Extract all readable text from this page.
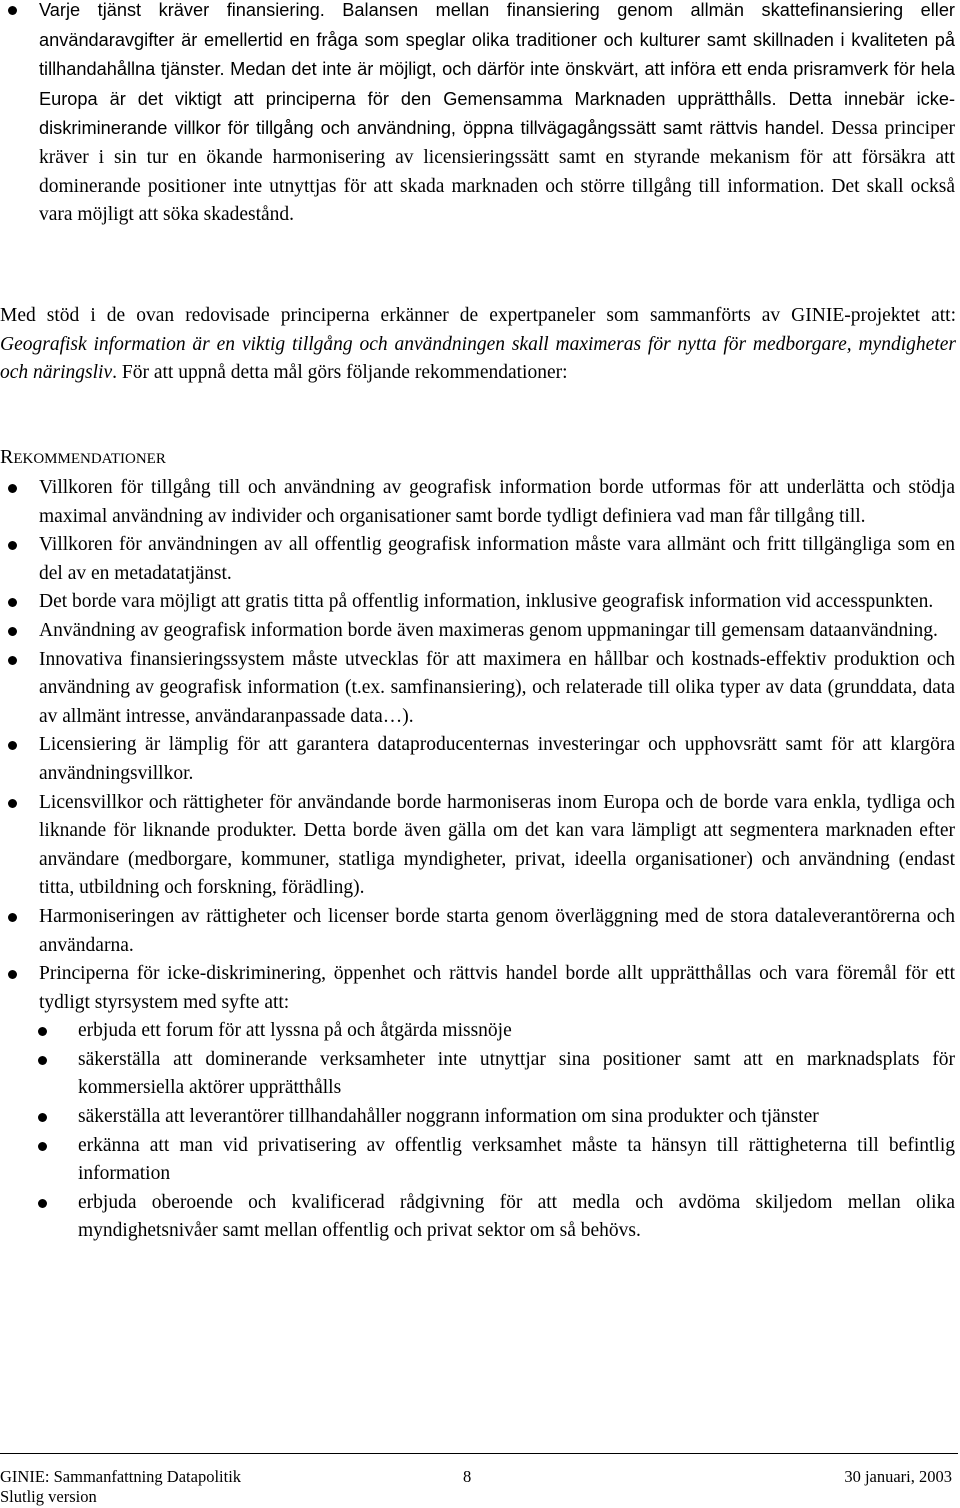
Varje tjänst kräver finansiering. Balansen mellan finansiering genom allmän skattefinansiering eller användaravgifter är emellertid en fråga som speglar olika traditioner och kulturer samt skillnaden i kvaliteten på tillhandahållna tjänster. Medan det inte är möjligt, och därför inte önskvärt, att införa ett enda prisramverk för hela Europa är det viktigt att principerna för den Gemensamma Marknaden upprätthålls. Detta innebär icke-diskriminerande villkor för tillgång och användning, öppna tillvägagångssätt samt rättvis handel. Dessa principer kräver i sin tur en ökande harmonisering av licensieringssätt samt en styrande mekanism för att försäkra att dominerande positioner inte utnyttjas för att skada marknaden och större tillgång till information. Det skall också vara möjligt att söka skadestånd.

Med stöd i de ovan redovisade principerna erkänner de expertpaneler som sammanförts av GINIE-projektet att: Geografisk information är en viktig tillgång och användningen skall maximeras för nytta för medborgare, myndigheter och näringsliv. För att uppnå detta mål görs följande rekommendationer:

REKOMMENDATIONER

Villkoren för tillgång till och användning av geografisk information borde utformas för att underlätta och stödja maximal användning av individer och organisationer samt borde tydligt definiera vad man får tillgång till.
Villkoren för användningen av all offentlig geografisk information måste vara allmänt och fritt tillgängliga som en del av en metadatatjänst.
Det borde vara möjligt att gratis titta på offentlig information, inklusive geografisk information vid accesspunkten.
Användning av geografisk information borde även maximeras genom uppmaningar till gemensam dataanvändning.
Innovativa finansieringssystem måste utvecklas för att maximera en hållbar och kostnads-effektiv produktion och användning av geografisk information (t.ex. samfinansiering), och relaterade till olika typer av data (grunddata, data av allmänt intresse, användaranpassade data…).
Licensiering är lämplig för att garantera dataproducenternas investeringar och upphovsrätt samt för att klargöra användningsvillkor.
Licensvillkor och rättigheter för användande borde harmoniseras inom Europa och de borde vara enkla, tydliga och liknande för liknande produkter. Detta borde även gälla om det kan vara lämpligt att segmentera marknaden efter användare (medborgare, kommuner, statliga myndigheter, privat, ideella organisationer) och användning (endast titta, utbildning och forskning, förädling).
Harmoniseringen av rättigheter och licenser borde starta genom överläggning med de stora dataleverantörerna och användarna.
Principerna för icke-diskriminering, öppenhet och rättvis handel borde allt upprätthållas och vara föremål för ett tydligt styrsystem med syfte att:
erbjuda ett forum för att lyssna på och åtgärda missnöje
säkerställa att dominerande verksamheter inte utnyttjar sina positioner samt att en marknadsplats för kommersiella aktörer upprätthålls
säkerställa att leverantörer tillhandahåller noggrann information om sina produkter och tjänster
erkänna att man vid privatisering av offentlig verksamhet måste ta hänsyn till rättigheterna till befintlig information
erbjuda oberoende och kvalificerad rådgivning för att medla och avdöma skiljedom mellan olika myndighetsnivåer samt mellan offentlig och privat sektor om så behövs.
GINIE: Sammanfattning Datapolitik	8	30 januari, 2003
Slutlig version
